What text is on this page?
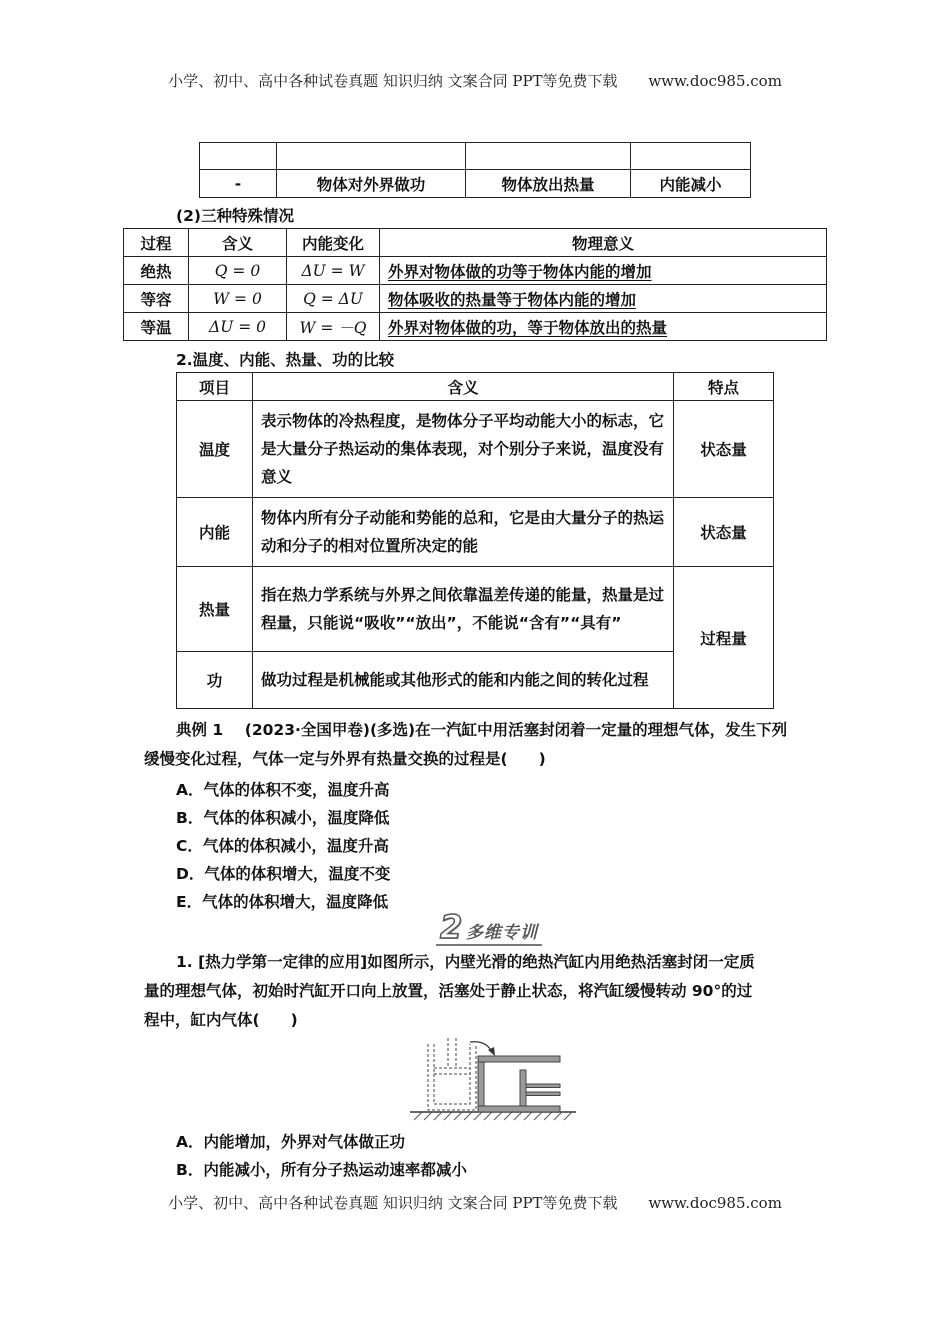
小学、初中、高中各种试卷真题 知识归纳 文案合同 PPT等免费下载 www.doc985.com

-	物体对外界做功	物体放出热量	内能减小
(2)三种特殊情况
过程	含义	内能变化	物理意义
绝热	Q = 0	ΔU = W	外界对物体做的功等于物体内能的增加
等容	W = 0	Q = ΔU	物体吸收的热量等于物体内能的增加
等温	ΔU = 0	W = －Q	外界对物体做的功，等于物体放出的热量
2.温度、内能、热量、功的比较
项目	含义	特点
温度	表示物体的冷热程度，是物体分子平均动能大小的标志，它是大量分子热运动的集体表现，对个别分子来说，温度没有意义	状态量
内能	物体内所有分子动能和势能的总和，它是由大量分子的热运动和分子的相对位置所决定的能	状态量
热量	指在热力学系统与外界之间依靠温差传递的能量，热量是过程量，只能说“吸收”“放出”，不能说“含有”“具有”	过程量
功	做功过程是机械能或其他形式的能和内能之间的转化过程	
典例 1 (2023·全国甲卷)(多选)在一汽缸中用活塞封闭着一定量的理想气体，发生下列
缓慢变化过程，气体一定与外界有热量交换的过程是(　　)
A．气体的体积不变，温度升高
B．气体的体积减小，温度降低
C．气体的体积减小，温度升高
D．气体的体积增大，温度不变
E．气体的体积增大，温度降低
2 多维专训
1. [热力学第一定律的应用]如图所示，内壁光滑的绝热汽缸内用绝热活塞封闭一定质
量的理想气体，初始时汽缸开口向上放置，活塞处于静止状态，将汽缸缓慢转动 90°的过
程中，缸内气体(　　)
A．内能增加，外界对气体做正功
B．内能减小，所有分子热运动速率都减小
小学、初中、高中各种试卷真题 知识归纳 文案合同 PPT等免费下载 www.doc985.com
